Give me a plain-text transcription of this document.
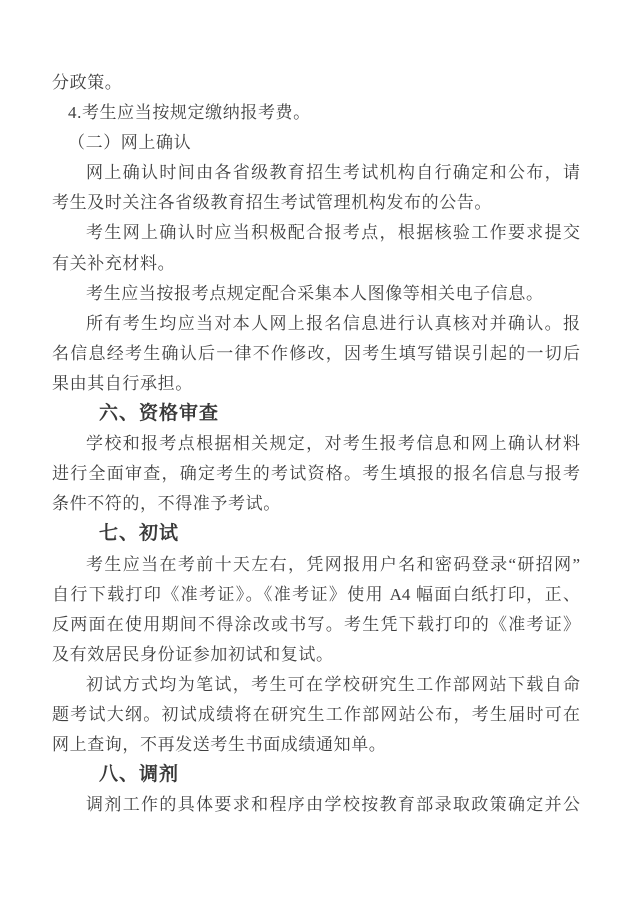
分政策。
4.考生应当按规定缴纳报考费。
（二）网上确认
网上确认时间由各省级教育招生考试机构自行确定和公布，请
考生及时关注各省级教育招生考试管理机构发布的公告。
考生网上确认时应当积极配合报考点，根据核验工作要求提交
有关补充材料。
考生应当按报考点规定配合采集本人图像等相关电子信息。
所有考生均应当对本人网上报名信息进行认真核对并确认。报
名信息经考生确认后一律不作修改，因考生填写错误引起的一切后
果由其自行承担。
六、资格审查
学校和报考点根据相关规定，对考生报考信息和网上确认材料
进行全面审查，确定考生的考试资格。考生填报的报名信息与报考
条件不符的，不得准予考试。
七、初试
考生应当在考前十天左右，凭网报用户名和密码登录“研招网”
自行下载打印《准考证》。《准考证》使用 A4 幅面白纸打印，正、
反两面在使用期间不得涂改或书写。考生凭下载打印的《准考证》
及有效居民身份证参加初试和复试。
初试方式均为笔试，考生可在学校研究生工作部网站下载自命
题考试大纲。初试成绩将在研究生工作部网站公布，考生届时可在
网上查询，不再发送考生书面成绩通知单。
八、调剂
调剂工作的具体要求和程序由学校按教育部录取政策确定并公
